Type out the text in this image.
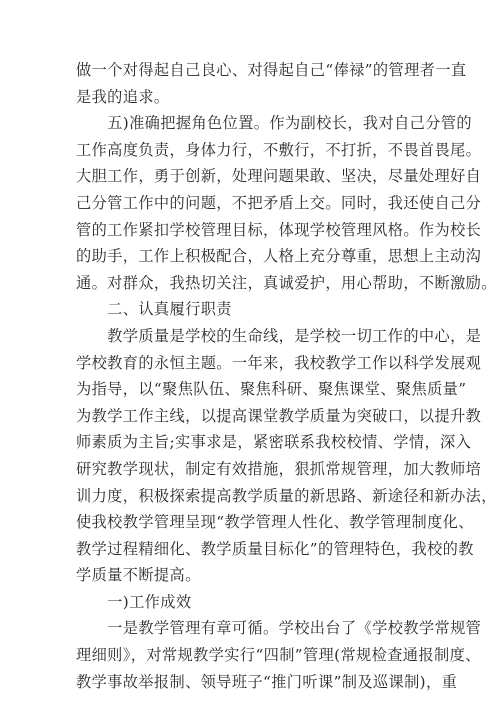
做一个对得起自己良心、对得起自己“俸禄”的管理者一直
是我的追求。
　　五)准确把握角色位置。作为副校长，我对自己分管的
工作高度负责，身体力行，不敷行，不打折，不畏首畏尾。
大胆工作，勇于创新，处理问题果敢、坚决，尽量处理好自
己分管工作中的问题，不把矛盾上交。同时，我还使自己分
管的工作紧扣学校管理目标，体现学校管理风格。作为校长
的助手，工作上积极配合，人格上充分尊重，思想上主动沟
通。对群众，我热切关注，真诚爱护，用心帮助，不断激励。
　　二、认真履行职责
　　教学质量是学校的生命线，是学校一切工作的中心，是
学校教育的永恒主题。一年来，我校教学工作以科学发展观
为指导，以“聚焦队伍、聚焦科研、聚焦课堂、聚焦质量”
为教学工作主线，以提高课堂教学质量为突破口，以提升教
师素质为主旨;实事求是，紧密联系我校校情、学情，深入
研究教学现状，制定有效措施，狠抓常规管理，加大教师培
训力度，积极探索提高教学质量的新思路、新途径和新办法，
使我校教学管理呈现“教学管理人性化、教学管理制度化、
教学过程精细化、教学质量目标化”的管理特色，我校的教
学质量不断提高。
　　一)工作成效
　　一是教学管理有章可循。学校出台了《学校教学常规管
理细则》，对常规教学实行“四制”管理(常规检查通报制度、
教学事故举报制、领导班子“推门听课”制及巡课制)，重
